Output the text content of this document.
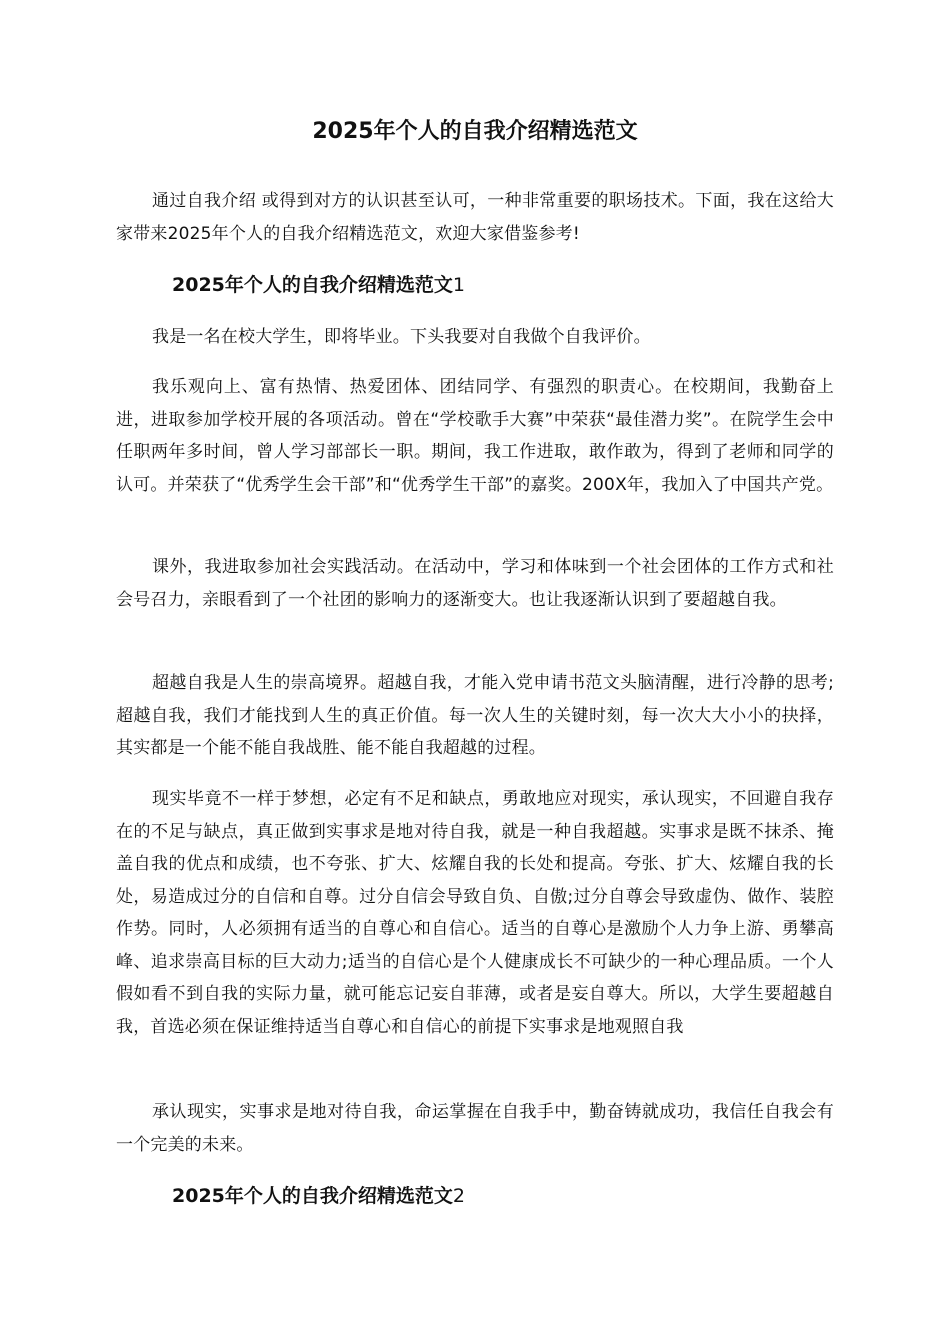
2025年个人的自我介绍精选范文

通过自我介绍 或得到对方的认识甚至认可，一种非常重要的职场技术。下面，我在这给大家带来2025年个人的自我介绍精选范文，欢迎大家借鉴参考!

2025年个人的自我介绍精选范文1

我是一名在校大学生，即将毕业。下头我要对自我做个自我评价。

我乐观向上、富有热情、热爱团体、团结同学、有强烈的职责心。在校期间，我勤奋上进，进取参加学校开展的各项活动。曾在“学校歌手大赛”中荣获“最佳潜力奖”。在院学生会中任职两年多时间，曾人学习部部长一职。期间，我工作进取，敢作敢为，得到了老师和同学的认可。并荣获了“优秀学生会干部”和“优秀学生干部”的嘉奖。200X年，我加入了中国共产党。

课外，我进取参加社会实践活动。在活动中，学习和体味到一个社会团体的工作方式和社会号召力，亲眼看到了一个社团的影响力的逐渐变大。也让我逐渐认识到了要超越自我。

超越自我是人生的崇高境界。超越自我，才能入党申请书范文头脑清醒，进行冷静的思考;超越自我，我们才能找到人生的真正价值。每一次人生的关键时刻，每一次大大小小的抉择，其实都是一个能不能自我战胜、能不能自我超越的过程。

现实毕竟不一样于梦想，必定有不足和缺点，勇敢地应对现实，承认现实，不回避自我存在的不足与缺点，真正做到实事求是地对待自我，就是一种自我超越。实事求是既不抹杀、掩盖自我的优点和成绩，也不夸张、扩大、炫耀自我的长处和提高。夸张、扩大、炫耀自我的长处，易造成过分的自信和自尊。过分自信会导致自负、自傲;过分自尊会导致虚伪、做作、装腔作势。同时，人必须拥有适当的自尊心和自信心。适当的自尊心是激励个人力争上游、勇攀高峰、追求崇高目标的巨大动力;适当的自信心是个人健康成长不可缺少的一种心理品质。一个人假如看不到自我的实际力量，就可能忘记妄自菲薄，或者是妄自尊大。所以，大学生要超越自我，首选必须在保证维持适当自尊心和自信心的前提下实事求是地观照自我

承认现实，实事求是地对待自我，命运掌握在自我手中，勤奋铸就成功，我信任自我会有一个完美的未来。

2025年个人的自我介绍精选范文2
